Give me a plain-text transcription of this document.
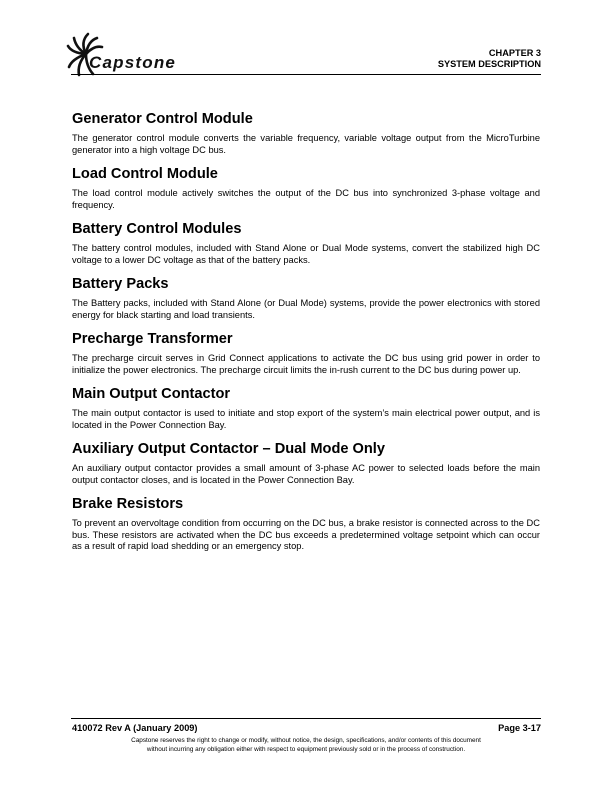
Capstone	CHAPTER 3
SYSTEM DESCRIPTION
Generator Control Module

The generator control module converts the variable frequency, variable voltage output from the MicroTurbine generator into a high voltage DC bus.

Load Control Module

The load control module actively switches the output of the DC bus into synchronized 3-phase voltage and frequency.

Battery Control Modules

The battery control modules, included with Stand Alone or Dual Mode systems, convert the stabilized high DC voltage to a lower DC voltage as that of the battery packs.

Battery Packs

The Battery packs, included with Stand Alone (or Dual Mode) systems, provide the power electronics with stored energy for black starting and load transients.

Precharge Transformer

The precharge circuit serves in Grid Connect applications to activate the DC bus using grid power in order to initialize the power electronics. The precharge circuit limits the in-rush current to the DC bus during power up.

Main Output Contactor

The main output contactor is used to initiate and stop export of the system’s main electrical power output, and is located in the Power Connection Bay.

Auxiliary Output Contactor – Dual Mode Only

An auxiliary output contactor provides a small amount of 3-phase AC power to selected loads before the main output contactor closes, and is located in the Power Connection Bay.

Brake Resistors

To prevent an overvoltage condition from occurring on the DC bus, a brake resistor is connected across to the DC bus. These resistors are activated when the DC bus exceeds a predetermined voltage setpoint which can occur as a result of rapid load shedding or an emergency stop.

410072 Rev A (January 2009)	Page 3-17
Capstone reserves the right to change or modify, without notice, the design, specifications, and/or contents of this document
without incurring any obligation either with respect to equipment previously sold or in the process of construction.
